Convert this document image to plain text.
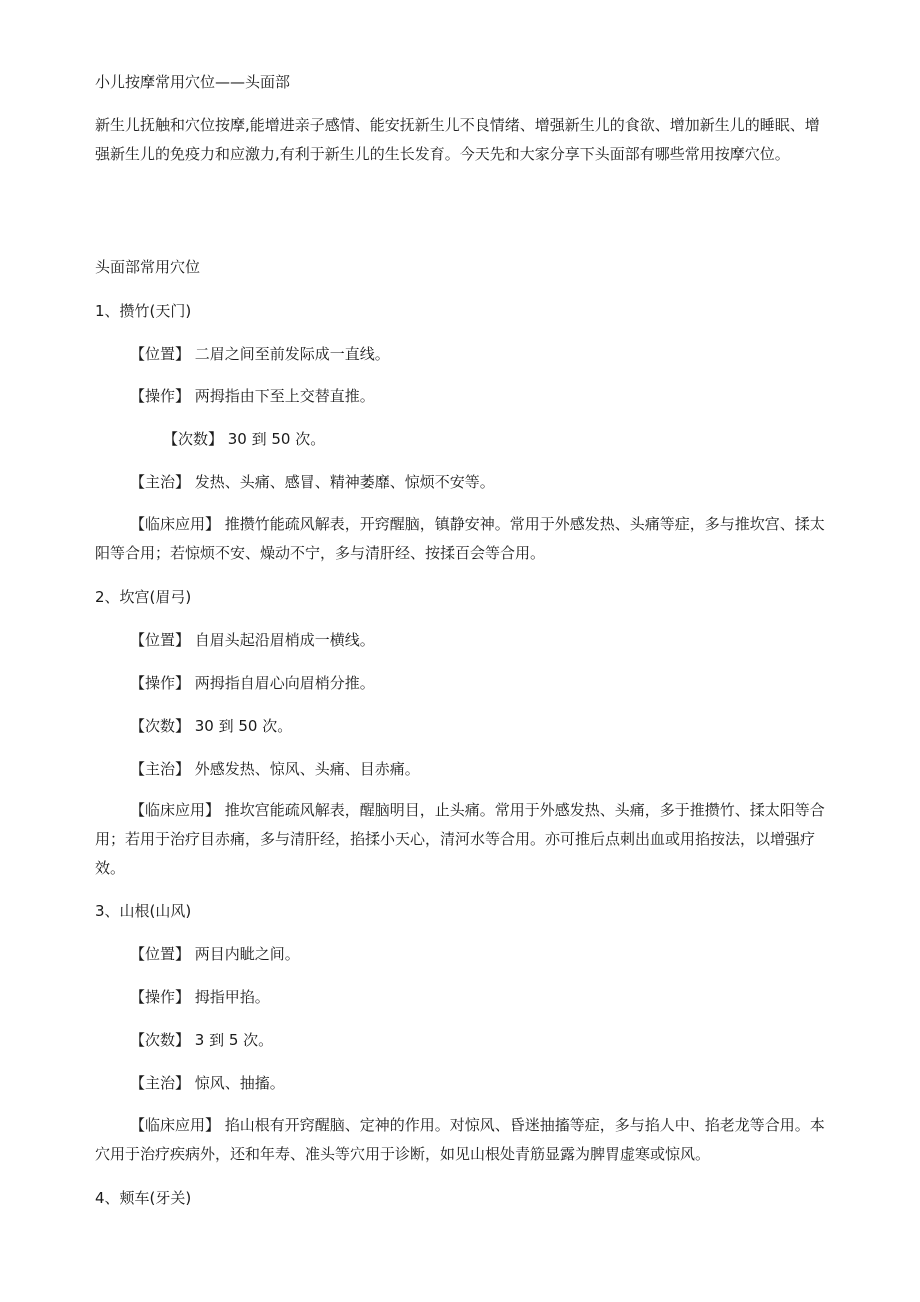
小儿按摩常用穴位——头面部
新生儿抚触和穴位按摩,能增进亲子感情、能安抚新生儿不良情绪、增强新生儿的食欲、增加新生儿的睡眠、增强新生儿的免疫力和应激力,有利于新生儿的生长发育。今天先和大家分享下头面部有哪些常用按摩穴位。
头面部常用穴位
1、攒竹(天门)
【位置】 二眉之间至前发际成一直线。
【操作】 两拇指由下至上交替直推。
【次数】 30 到 50 次。
【主治】 发热、头痛、感冒、精神萎靡、惊烦不安等。
【临床应用】 推攒竹能疏风解表，开窍醒脑，镇静安神。常用于外感发热、头痛等症，多与推坎宫、揉太阳等合用；若惊烦不安、燥动不宁，多与清肝经、按揉百会等合用。
2、坎宫(眉弓)
【位置】 自眉头起沿眉梢成一横线。
【操作】 两拇指自眉心向眉梢分推。
【次数】 30 到 50 次。
【主治】 外感发热、惊风、头痛、目赤痛。
【临床应用】 推坎宫能疏风解表，醒脑明目，止头痛。常用于外感发热、头痛，多于推攒竹、揉太阳等合用；若用于治疗目赤痛，多与清肝经，掐揉小天心，清河水等合用。亦可推后点刺出血或用掐按法，以增强疗效。
3、山根(山风)
【位置】 两目内眦之间。
【操作】 拇指甲掐。
【次数】 3 到 5 次。
【主治】 惊风、抽搐。
【临床应用】 掐山根有开窍醒脑、定神的作用。对惊风、昏迷抽搐等症，多与掐人中、掐老龙等合用。本穴用于治疗疾病外，还和年寿、准头等穴用于诊断，如见山根处青筋显露为脾胃虚寒或惊风。
4、颊车(牙关)
